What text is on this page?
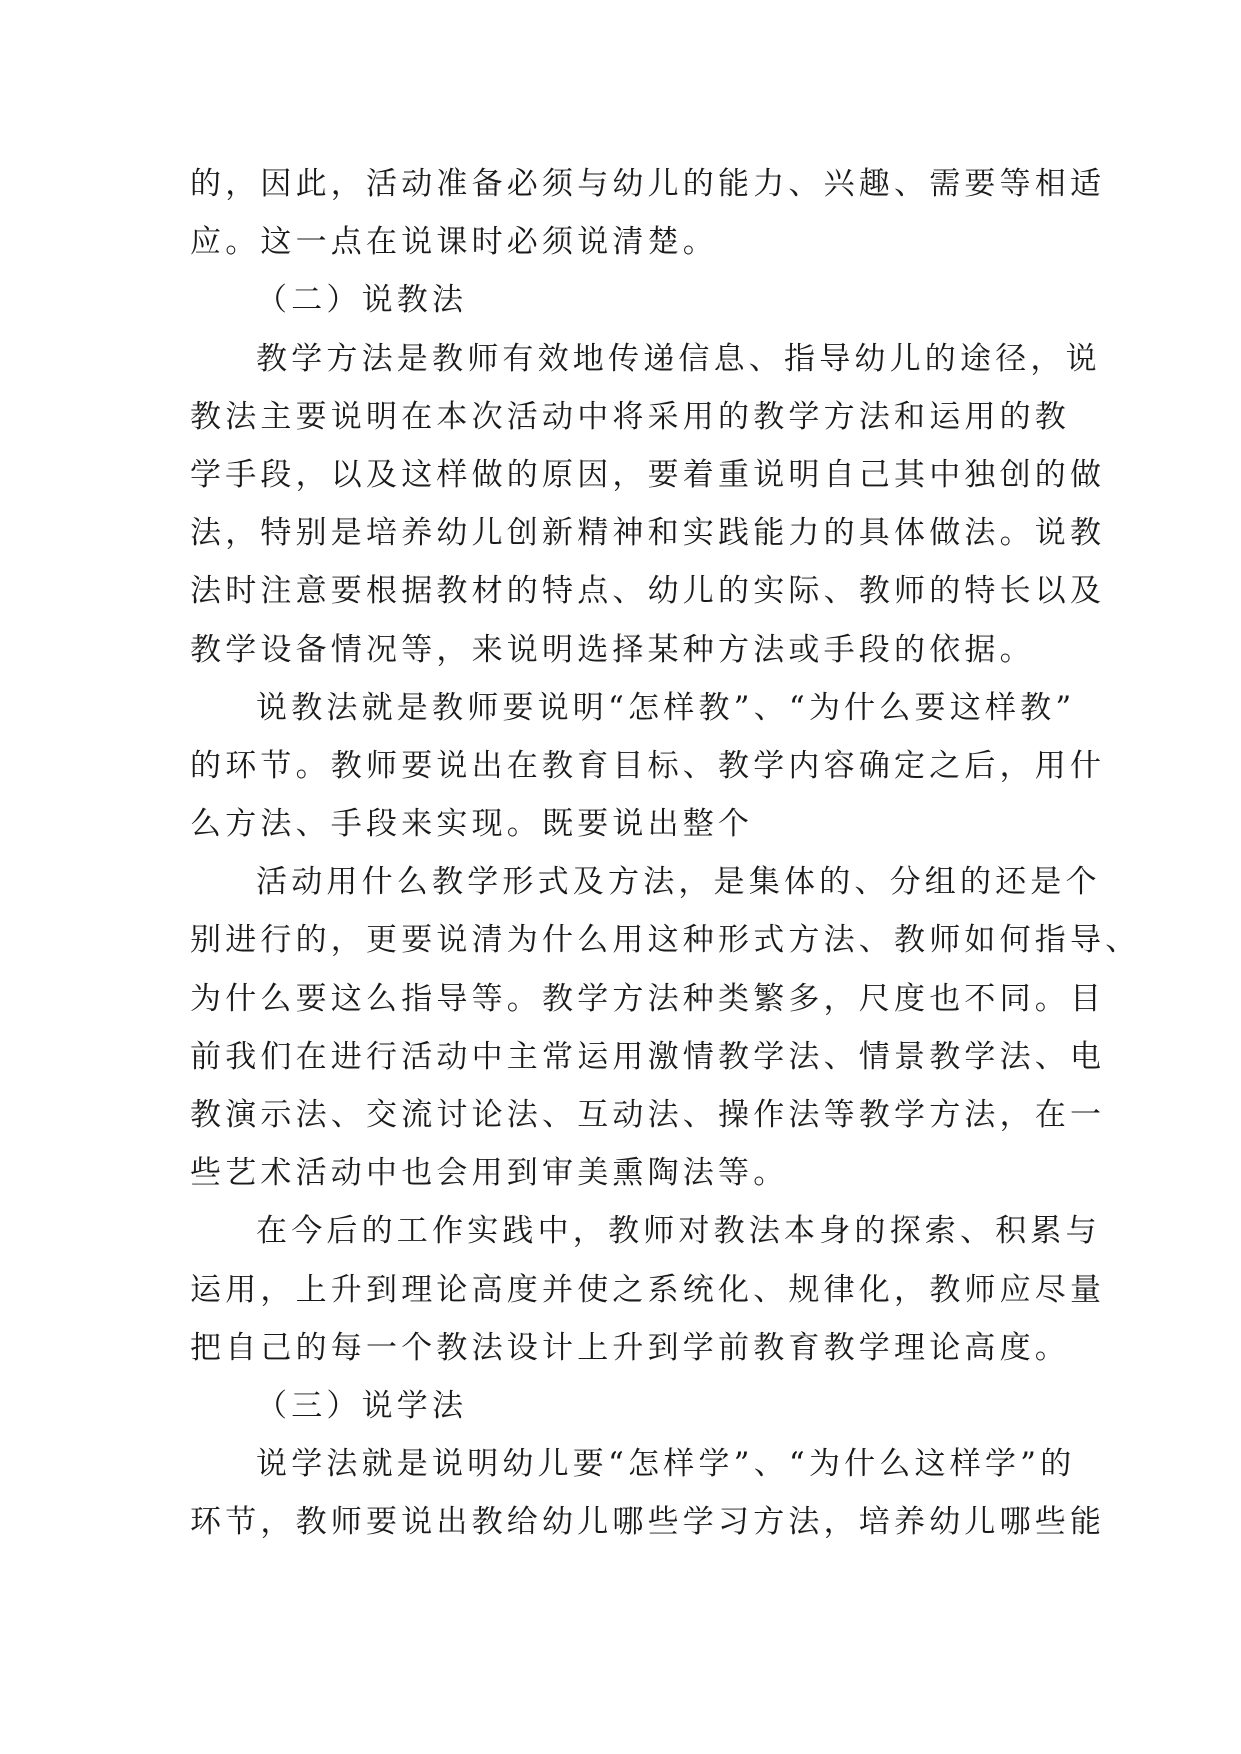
的，因此，活动准备必须与幼儿的能力、兴趣、需要等相适
应。这一点在说课时必须说清楚。
（二）说教法
教学方法是教师有效地传递信息、指导幼儿的途径，说
教法主要说明在本次活动中将采用的教学方法和运用的教
学手段，以及这样做的原因，要着重说明自己其中独创的做
法，特别是培养幼儿创新精神和实践能力的具体做法。说教
法时注意要根据教材的特点、幼儿的实际、教师的特长以及
教学设备情况等，来说明选择某种方法或手段的依据。
说教法就是教师要说明“怎样教”、“为什么要这样教”
的环节。教师要说出在教育目标、教学内容确定之后，用什
么方法、手段来实现。既要说出整个
活动用什么教学形式及方法，是集体的、分组的还是个
别进行的，更要说清为什么用这种形式方法、教师如何指导、
为什么要这么指导等。教学方法种类繁多，尺度也不同。目
前我们在进行活动中主常运用激情教学法、情景教学法、电
教演示法、交流讨论法、互动法、操作法等教学方法，在一
些艺术活动中也会用到审美熏陶法等。
在今后的工作实践中，教师对教法本身的探索、积累与
运用，上升到理论高度并使之系统化、规律化，教师应尽量
把自己的每一个教法设计上升到学前教育教学理论高度。
（三）说学法
说学法就是说明幼儿要“怎样学”、“为什么这样学”的
环节，教师要说出教给幼儿哪些学习方法，培养幼儿哪些能
